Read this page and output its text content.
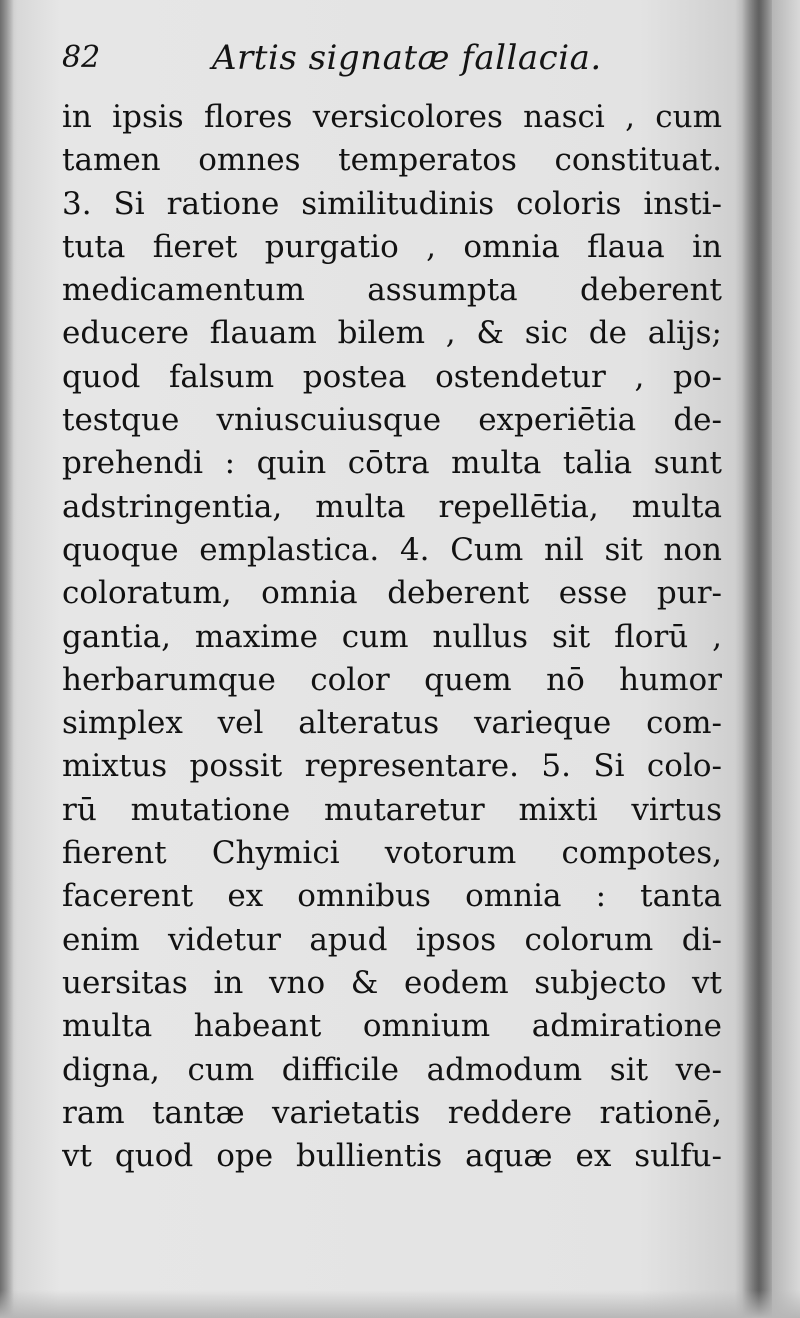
82	Artis signatæ fallacia.
in ipsis flores versicolores nasci , cum
tamen omnes temperatos constituat.
3. Si ratione similitudinis coloris insti-
tuta fieret purgatio , omnia flaua in
medicamentum assumpta deberent
educere flauam bilem , & sic de alijs;
quod falsum postea ostendetur , po-
testque vniuscuiusque experiētia de-
prehendi : quin cōtra multa talia sunt
adstringentia, multa repellētia, multa
quoque emplastica. 4. Cum nil sit non
coloratum, omnia deberent esse pur-
gantia, maxime cum nullus sit florū ,
herbarumque color quem nō humor
simplex vel alteratus varieque com-
mixtus possit representare. 5. Si colo-
rū mutatione mutaretur mixti virtus
fierent Chymici votorum compotes,
facerent ex omnibus omnia : tanta
enim videtur apud ipsos colorum di-
uersitas in vno & eodem subjecto vt
multa habeant omnium admiratione
digna, cum difficile admodum sit ve-
ram tantæ varietatis reddere rationē,
vt quod ope bullientis aquæ ex sulfu-
